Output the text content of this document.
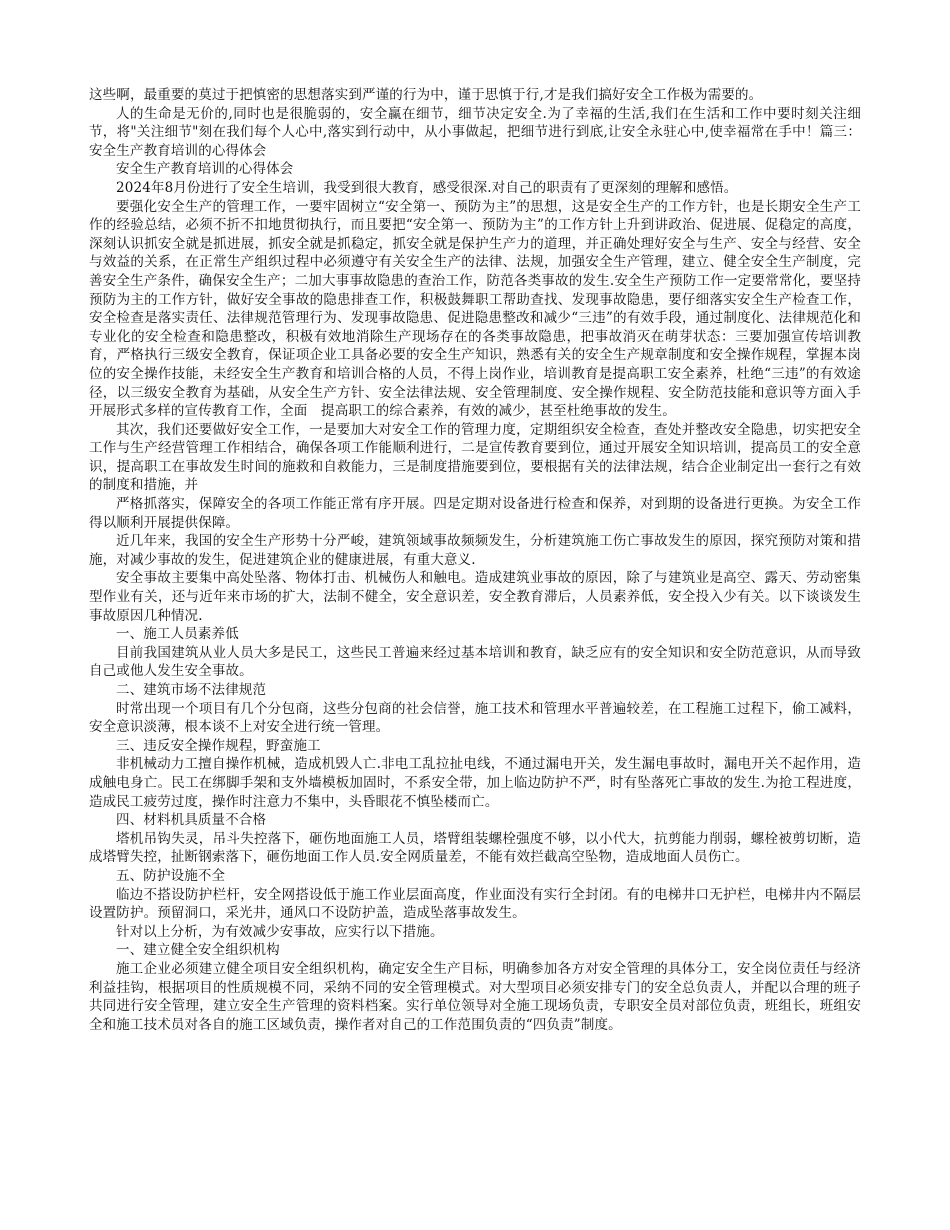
这些啊，最重要的莫过于把慎密的思想落实到严谨的行为中，谨于思慎于行,才是我们搞好安全工作极为需要的。

人的生命是无价的,同时也是很脆弱的，安全赢在细节，细节决定安全.为了幸福的生活,我们在生活和工作中要时刻关注细节，将"关注细节"刻在我们每个人心中,落实到行动中，从小事做起，把细节进行到底,让安全永驻心中,使幸福常在手中！篇三：安全生产教育培训的心得体会

安全生产教育培训的心得体会

2024年8月份进行了安全生培训，我受到很大教育，感受很深.对自己的职责有了更深刻的理解和感悟。

要强化安全生产的管理工作，一要牢固树立“安全第一、预防为主”的思想，这是安全生产的工作方针，也是长期安全生产工作的经验总结，必须不折不扣地贯彻执行，而且要把“安全第一、预防为主”的工作方针上升到讲政治、促进展、促稳定的高度，深刻认识抓安全就是抓进展，抓安全就是抓稳定，抓安全就是保护生产力的道理，并正确处理好安全与生产、安全与经营、安全与效益的关系，在正常生产组织过程中必须遵守有关安全生产的法律、法规，加强安全生产管理，建立、健全安全生产制度，完善安全生产条件，确保安全生产；二加大事事故隐患的查治工作，防范各类事故的发生.安全生产预防工作一定要常常化，要坚持预防为主的工作方针，做好安全事故的隐患排查工作，积极鼓舞职工帮助查找、发现事故隐患，要仔细落实安全生产检查工作，安全检查是落实责任、法律规范管理行为、发现事故隐患、促进隐患整改和减少“三违”的有效手段，通过制度化、法律规范化和专业化的安全检查和隐患整改，积极有效地消除生产现场存在的各类事故隐患，把事故消灭在萌芽状态：三要加强宣传培训教育，严格执行三级安全教育，保证项企业工具备必要的安全生产知识，熟悉有关的安全生产规章制度和安全操作规程，掌握本岗位的安全操作技能，未经安全生产教育和培训合格的人员，不得上岗作业，培训教育是提高职工安全素养，杜绝“三违”的有效途径，以三级安全教育为基础，从安全生产方针、安全法律法规、安全管理制度、安全操作规程、安全防范技能和意识等方面入手开展形式多样的宣传教育工作，全面　提高职工的综合素养，有效的减少，甚至杜绝事故的发生。

其次，我们还要做好安全工作，一是要加大对安全工作的管理力度，定期组织安全检查，查处并整改安全隐患，切实把安全工作与生产经营管理工作相结合，确保各项工作能顺利进行，二是宣传教育要到位，通过开展安全知识培训，提高员工的安全意识，提高职工在事故发生时间的施救和自救能力，三是制度措施要到位，要根据有关的法律法规，结合企业制定出一套行之有效的制度和措施，并

严格抓落实，保障安全的各项工作能正常有序开展。四是定期对设备进行检查和保养，对到期的设备进行更换。为安全工作得以顺利开展提供保障。

近几年来，我国的安全生产形势十分严峻，建筑领域事故频频发生，分析建筑施工伤亡事故发生的原因，探究预防对策和措施，对减少事故的发生，促进建筑企业的健康进展，有重大意义.

安全事故主要集中高处坠落、物体打击、机械伤人和触电。造成建筑业事故的原因，除了与建筑业是高空、露天、劳动密集型作业有关，还与近年来市场的扩大，法制不健全，安全意识差，安全教育滞后，人员素养低，安全投入少有关。以下谈谈发生事故原因几种情况.

一、施工人员素养低

目前我国建筑从业人员大多是民工，这些民工普遍来经过基本培训和教育，缺乏应有的安全知识和安全防范意识，从而导致自己或他人发生安全事故。

二、建筑市场不法律规范

时常出现一个项目有几个分包商，这些分包商的社会信誉，施工技术和管理水平普遍较差，在工程施工过程下，偷工减料，安全意识淡薄，根本谈不上对安全进行统一管理。

三、违反安全操作规程，野蛮施工

非机械动力工擅自操作机械，造成机毁人亡.非电工乱拉扯电线，不通过漏电开关，发生漏电事故时，漏电开关不起作用，造成触电身亡。民工在绑脚手架和支外墙模板加固时，不系安全带，加上临边防护不严，时有坠落死亡事故的发生.为抢工程进度，造成民工疲劳过度，操作时注意力不集中，头昏眼花不慎坠楼而亡。

四、材料机具质量不合格

塔机吊钩失灵，吊斗失控落下，砸伤地面施工人员，塔臂组装螺栓强度不够，以小代大，抗剪能力削弱，螺栓被剪切断，造成塔臂失控，扯断钢索落下，砸伤地面工作人员.安全网质量差，不能有效拦截高空坠物，造成地面人员伤亡。

五、防护设施不全

临边不搭设防护栏杆，安全网搭设低于施工作业层面高度，作业面没有实行全封闭。有的电梯井口无护栏，电梯井内不隔层设置防护。预留洞口，采光井，通风口不设防护盖，造成坠落事故发生。

针对以上分析，为有效减少安事故，应实行以下措施。

一、建立健全安全组织机构

施工企业必须建立健全项目安全组织机构，确定安全生产目标，明确参加各方对安全管理的具体分工，安全岗位责任与经济利益挂钩，根据项目的性质规模不同，采纳不同的安全管理模式。对大型项目必须安排专门的安全总负责人，并配以合理的班子共同进行安全管理，建立安全生产管理的资料档案。实行单位领导对全施工现场负责，专职安全员对部位负责，班组长，班组安全和施工技术员对各自的施工区域负责，操作者对自己的工作范围负责的“四负责”制度。
